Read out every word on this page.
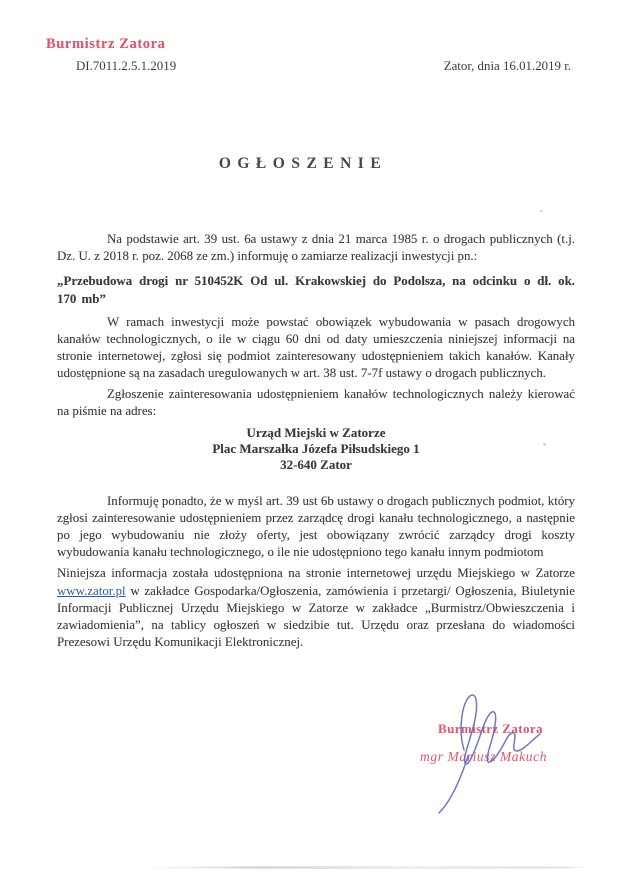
Burmistrz Zatora
DI.7011.2.5.1.2019	Zator, dnia 16.01.2019 r.
OGŁOSZENIE

Na podstawie art. 39 ust. 6a ustawy z dnia 21 marca 1985 r. o drogach publicznych (t.j. Dz. U. z 2018 r. poz. 2068 ze zm.) informuję o zamiarze realizacji inwestycji pn.:

„Przebudowa drogi nr 510452K Od ul. Krakowskiej do Podolsza, na odcinku o dł. ok. 170 mb”

W ramach inwestycji może powstać obowiązek wybudowania w pasach drogowych kanałów technologicznych, o ile w ciągu 60 dni od daty umieszczenia niniejszej informacji na stronie internetowej, zgłosi się podmiot zainteresowany udostępnieniem takich kanałów. Kanały udostępnione są na zasadach uregulowanych w art. 38 ust. 7-7f ustawy o drogach publicznych.

Zgłoszenie zainteresowania udostępnieniem kanałów technologicznych należy kierować na piśmie na adres:

Urząd Miejski w Zatorze
Plac Marszałka Józefa Piłsudskiego 1
32-640 Zator

Informuję ponadto, że w myśl art. 39 ust 6b ustawy o drogach publicznych podmiot, który zgłosi zainteresowanie udostępnieniem przez zarządcę drogi kanału technologicznego, a następnie po jego wybudowaniu nie złoży oferty, jest obowiązany zwrócić zarządcy drogi koszty wybudowania kanału technologicznego, o ile nie udostępniono tego kanału innym podmiotom

Niniejsza informacja została udostępniona na stronie internetowej urzędu Miejskiego w Zatorze www.zator.pl w zakładce Gospodarka/Ogłoszenia, zamówienia i przetargi/ Ogłoszenia, Biuletynie Informacji Publicznej Urzędu Miejskiego w Zatorze w zakładce „Burmistrz/Obwieszczenia i zawiadomienia”, na tablicy ogłoszeń w siedzibie tut. Urzędu oraz przesłana do wiadomości Prezesowi Urzędu Komunikacji Elektronicznej.

Burmistrz Zatora
mgr Mariusz Makuch
